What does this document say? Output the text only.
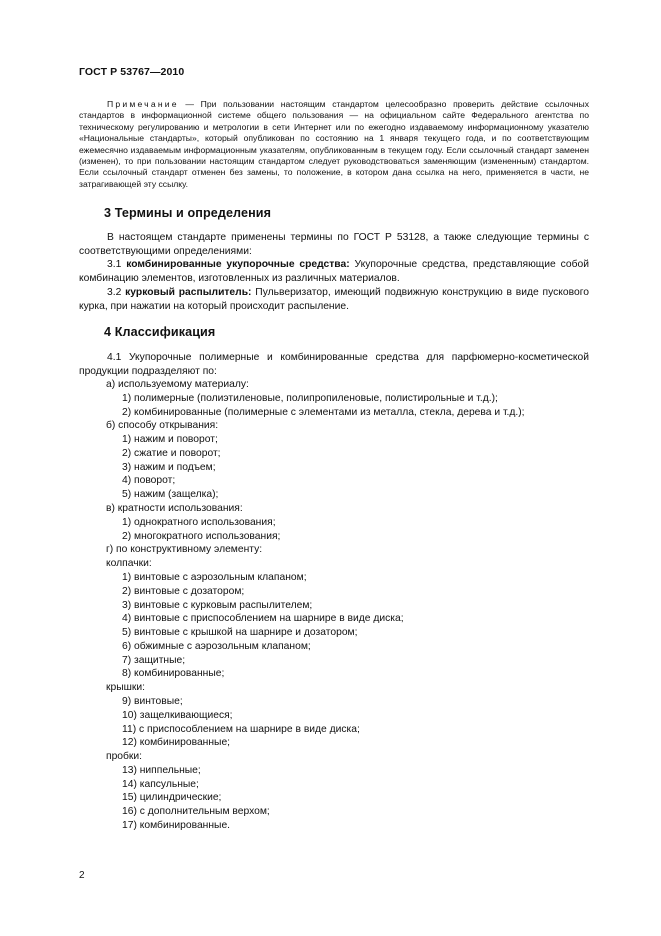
ГОСТ Р 53767—2010
Примечание — При пользовании настоящим стандартом целесообразно проверить действие ссылочных стандартов в информационной системе общего пользования — на официальном сайте Федерального агентства по техническому регулированию и метрологии в сети Интернет или по ежегодно издаваемому информационному указателю «Национальные стандарты», который опубликован по состоянию на 1 января текущего года, и по соответствующим ежемесячно издаваемым информационным указателям, опубликованным в текущем году. Если ссылочный стандарт заменен (изменен), то при пользовании настоящим стандартом следует руководствоваться заменяющим (измененным) стандартом. Если ссылочный стандарт отменен без замены, то положение, в котором дана ссылка на него, применяется в части, не затрагивающей эту ссылку.
3 Термины и определения
В настоящем стандарте применены термины по ГОСТ Р 53128, а также следующие термины с соответствующими определениями:
3.1 комбинированные укупорочные средства: Укупорочные средства, представляющие собой комбинацию элементов, изготовленных из различных материалов.
3.2 курковый распылитель: Пульверизатор, имеющий подвижную конструкцию в виде пускового курка, при нажатии на который происходит распыление.
4 Классификация
4.1 Укупорочные полимерные и комбинированные средства для парфюмерно-косметической продукции подразделяют по:
а) используемому материалу:
1) полимерные (полиэтиленовые, полипропиленовые, полистирольные и т.д.);
2) комбинированные (полимерные с элементами из металла, стекла, дерева и т.д.);
б) способу открывания:
1) нажим и поворот;
2) сжатие и поворот;
3) нажим и подъем;
4) поворот;
5) нажим (защелка);
в) кратности использования:
1) однократного использования;
2) многократного использования;
г) по конструктивному элементу:
колпачки:
1) винтовые с аэрозольным клапаном;
2) винтовые с дозатором;
3) винтовые с курковым распылителем;
4) винтовые с приспособлением на шарнире в виде диска;
5) винтовые с крышкой на шарнире и дозатором;
6) обжимные с аэрозольным клапаном;
7) защитные;
8) комбинированные;
крышки:
9) винтовые;
10) защелкивающиеся;
11) с приспособлением на шарнире в виде диска;
12) комбинированные;
пробки:
13) ниппельные;
14) капсульные;
15) цилиндрические;
16) с дополнительным верхом;
17) комбинированные.
2
